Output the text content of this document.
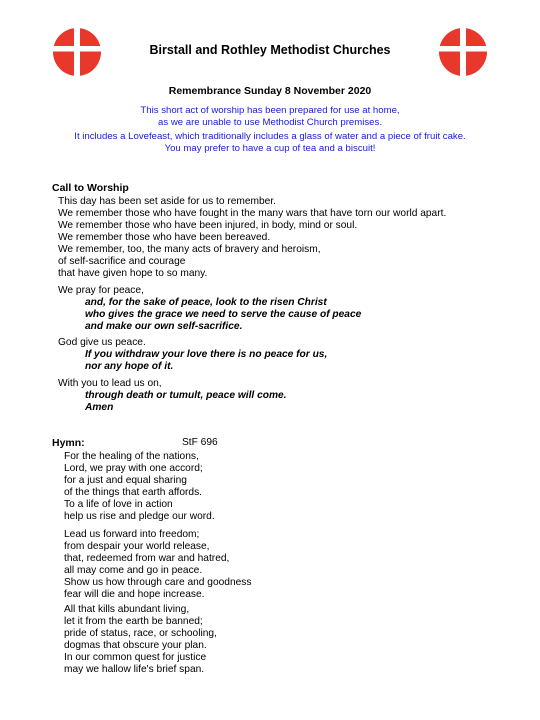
Birstall and Rothley Methodist Churches
Remembrance Sunday 8 November 2020
This short act of worship has been prepared for use at home,
as we are unable to use Methodist Church premises.
It includes a Lovefeast, which traditionally includes a glass of water and a piece of fruit cake.
You may prefer to have a cup of tea and a biscuit!
Call to Worship
This day has been set aside for us to remember.
We remember those who have fought in the many wars that have torn our world apart.
We remember those who have been injured, in body, mind or soul.
We remember those who have been bereaved.
We remember, too, the many acts of bravery and heroism,
of self-sacrifice and courage
that have given hope to so many.
We pray for peace,
and, for the sake of peace, look to the risen Christ
who gives the grace we need to serve the cause of peace
and make our own self-sacrifice.
God give us peace.
If you withdraw your love there is no peace for us,
nor any hope of it.
With you to lead us on,
through death or tumult, peace will come.
Amen
Hymn:	StF 696
For the healing of the nations,
Lord, we pray with one accord;
for a just and equal sharing
of the things that earth affords.
To a life of love in action
help us rise and pledge our word.
Lead us forward into freedom;
from despair your world release,
that, redeemed from war and hatred,
all may come and go in peace.
Show us how through care and goodness
fear will die and hope increase.
All that kills abundant living,
let it from the earth be banned;
pride of status, race, or schooling,
dogmas that obscure your plan.
In our common quest for justice
may we hallow life's brief span.
